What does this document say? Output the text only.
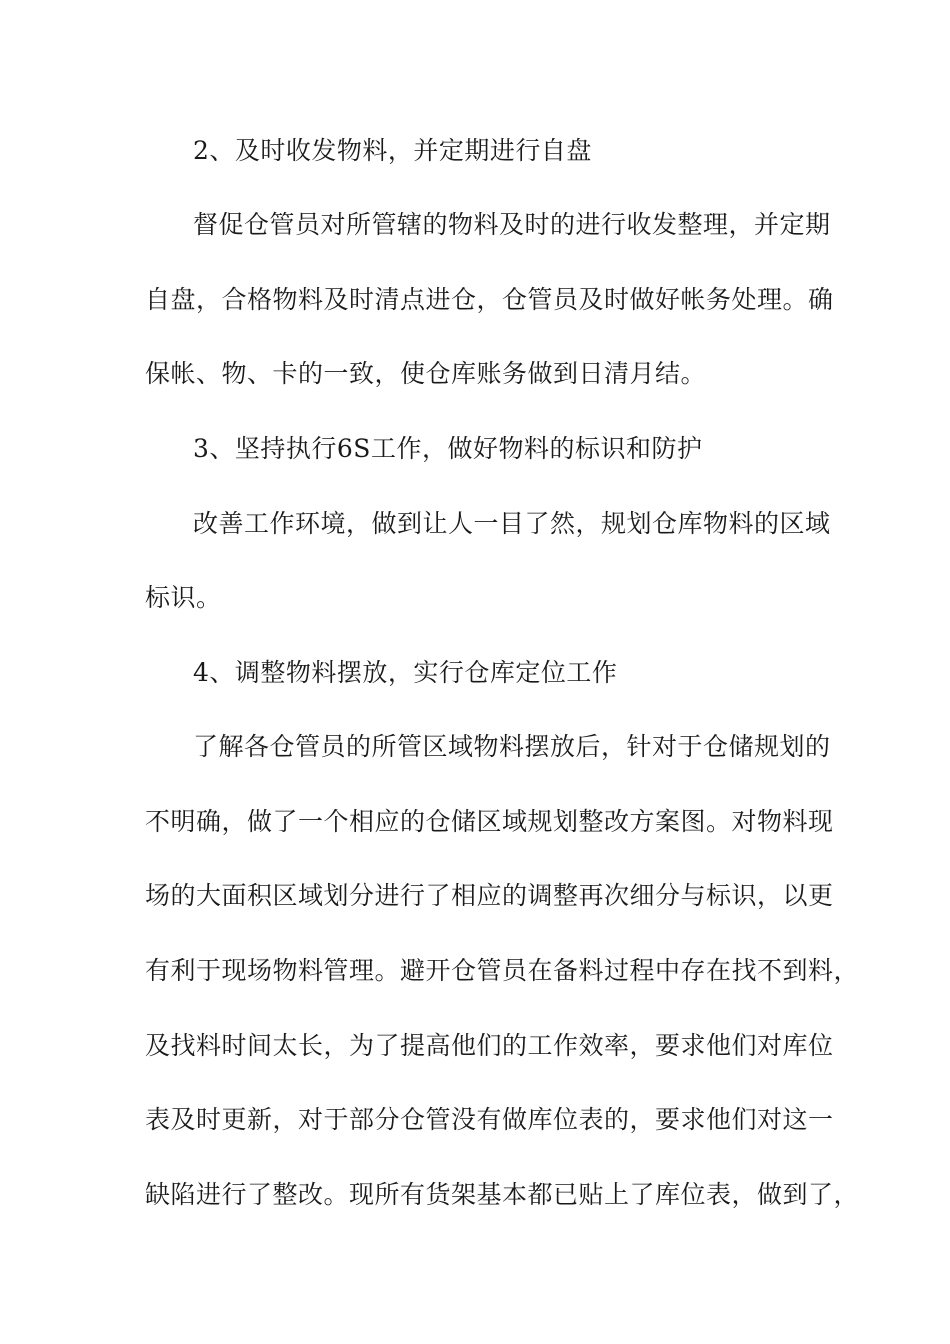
2、及时收发物料，并定期进行自盘
督促仓管员对所管辖的物料及时的进行收发整理，并定期
自盘，合格物料及时清点进仓，仓管员及时做好帐务处理。确
保帐、物、卡的一致，使仓库账务做到日清月结。
3、坚持执行6S工作，做好物料的标识和防护
改善工作环境，做到让人一目了然，规划仓库物料的区域
标识。
4、调整物料摆放，实行仓库定位工作
了解各仓管员的所管区域物料摆放后，针对于仓储规划的
不明确，做了一个相应的仓储区域规划整改方案图。对物料现
场的大面积区域划分进行了相应的调整再次细分与标识，以更
有利于现场物料管理。避开仓管员在备料过程中存在找不到料，
及找料时间太长，为了提高他们的工作效率，要求他们对库位
表及时更新，对于部分仓管没有做库位表的，要求他们对这一
缺陷进行了整改。现所有货架基本都已贴上了库位表，做到了，
